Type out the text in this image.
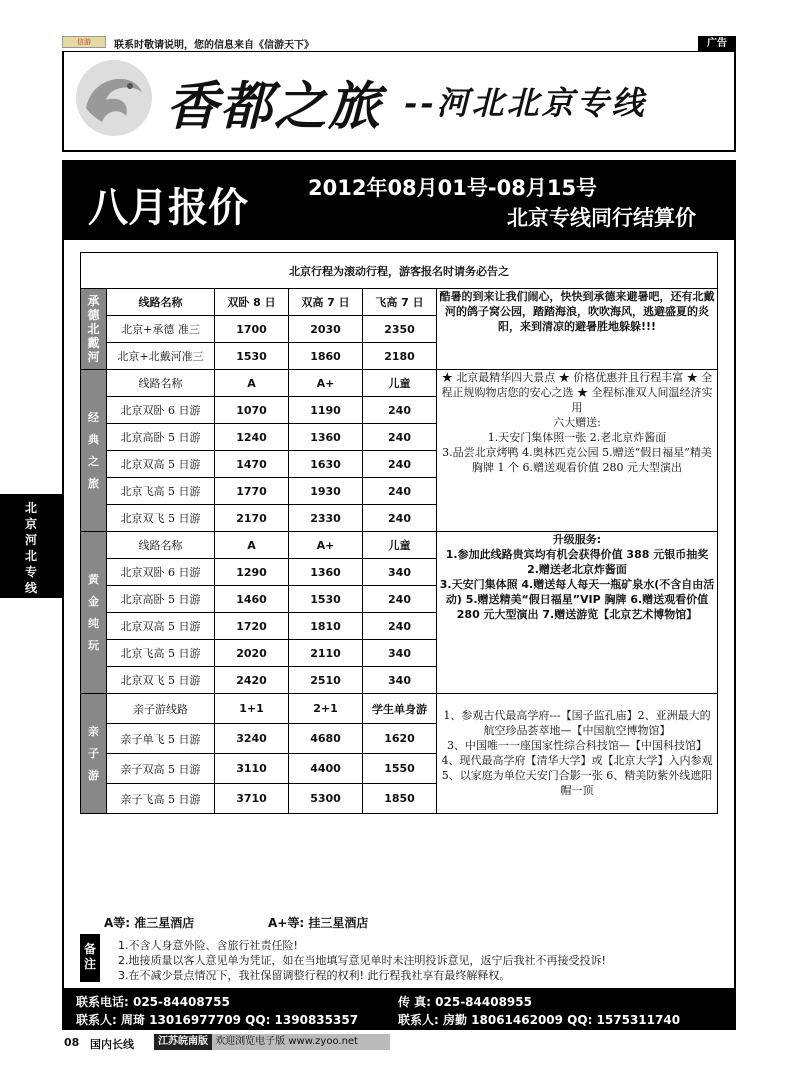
信游	联系时敬请说明，您的信息来自《信游天下》	广告
香都之旅 --河北北京专线
八月报价	2012年08月01号-08月15号
北京专线同行结算价
北京河北专线
北京行程为滚动行程，游客报名时请务必告之					

承德北戴河	线路名称	双卧 8 日	双高 7 日	飞高 7 日	酷暑的到来让我们闹心，快快到承德来避暑吧，还有北戴河的鸽子窝公园，踏踏海浪，吹吹海风，逃避盛夏的炎阳，来到清凉的避暑胜地躲躲!!!
	北京+承德 准三	1700	2030	2350	
	北京+北戴河准三	1530	1860	2180	

经典之旅	线路名称	A	A+	儿童	★ 北京最精华四大景点 ★ 价格优惠并且行程丰富 ★ 全程正规购物店您的安心之选 ★ 全程标准双人间温经济实用
六大赠送:
1.天安门集体照一张 2.老北京炸酱面
3.品尝北京烤鸭 4.奥林匹克公园 5.赠送“假日福星”精美胸牌 1 个 6.赠送观看价值 280 元大型演出

	北京双卧 6 日游	1070	1190	240	
	北京高卧 5 日游	1240	1360	240	
	北京双高 5 日游	1470	1630	240	
	北京飞高 5 日游	1770	1930	240	
	北京双飞 5 日游	2170	2330	240	

黄金纯玩	线路名称	A	A+	儿童	升级服务:
1.参加此线路贵宾均有机会获得价值 388 元银币抽奖 2.赠送老北京炸酱面
3.天安门集体照 4.赠送每人每天一瓶矿泉水(不含自由活动) 5.赠送精美“假日福星”VIP 胸牌 6.赠送观看价值 280 元大型演出 7.赠送游览【北京艺术博物馆】

	北京双卧 6 日游	1290	1360	340	
	北京高卧 5 日游	1460	1530	240	
	北京双高 5 日游	1720	1810	240	
	北京飞高 5 日游	2020	2110	340	
	北京双飞 5 日游	2420	2510	340	

亲子游	亲子游线路	1+1	2+1	学生单身游	1、参观古代最高学府---【国子监孔庙】2、亚洲最大的航空珍品荟萃地—【中国航空博物馆】
3、中国唯一一座国家性综合科技馆—【中国科技馆】
4、现代最高学府【清华大学】或【北京大学】入内参观 5、以家庭为单位天安门合影一张 6、精美防紫外线遮阳帽一顶

	亲子单飞 5 日游	3240	4680	1620	
	亲子双高 5 日游	3110	4400	1550	
	亲子飞高 5 日游	3710	5300	1850	
A等: 准三星酒店	A+等: 挂三星酒店
备注
1.不含人身意外险、含旅行社责任险!
2.地接质量以客人意见单为凭证，如在当地填写意见单时未注明投诉意见，返宁后我社不再接受投诉!
3.在不减少景点情况下，我社保留调整行程的权利! 此行程我社享有最终解释权。
联系电话: 025-84408755	传 真: 025-84408955
联系人: 周琦 13016977709 QQ: 1390835357	联系人: 房勤 18061462009 QQ: 1575311740
08 国内长线	江苏皖南版 欢迎浏览电子版 www.zyoo.net
